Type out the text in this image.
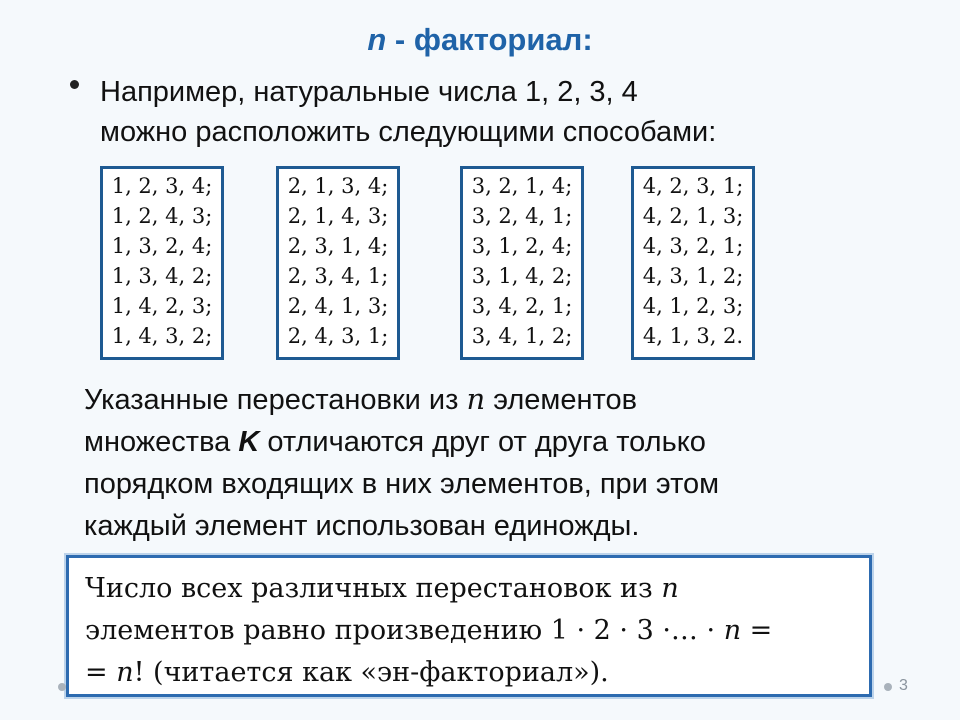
n - факториал:
Например, натуральные числа 1, 2, 3, 4
можно расположить следующими способами:
1, 2, 3, 4;
1, 2, 4, 3;
1, 3, 2, 4;
1, 3, 4, 2;
1, 4, 2, 3;
1, 4, 3, 2;
2, 1, 3, 4;
2, 1, 4, 3;
2, 3, 1, 4;
2, 3, 4, 1;
2, 4, 1, 3;
2, 4, 3, 1;
3, 2, 1, 4;
3, 2, 4, 1;
3, 1, 2, 4;
3, 1, 4, 2;
3, 4, 2, 1;
3, 4, 1, 2;
4, 2, 3, 1;
4, 2, 1, 3;
4, 3, 2, 1;
4, 3, 1, 2;
4, 1, 2, 3;
4, 1, 3, 2.
Указанные перестановки из n элементов
множества K отличаются друг от друга только
порядком входящих в них элементов, при этом
каждый элемент использован единожды.
Число всех различных перестановок из n
элементов равно произведению 1 · 2 · 3 ·… · n =
= n! (читается как «эн-факториал»).	3
